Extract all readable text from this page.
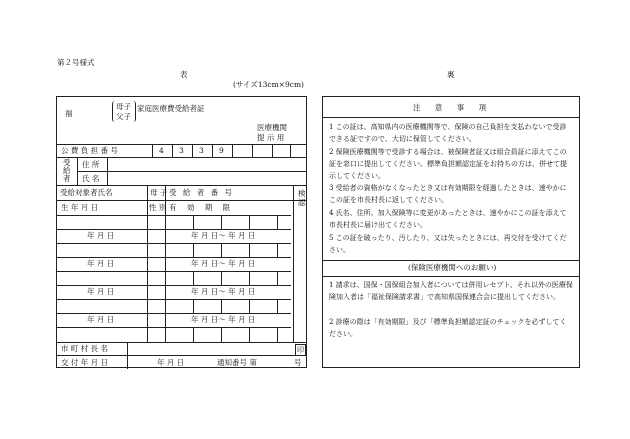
第２号様式
表	裏
(サイズ13cm×9cm)
福
母子
父子
家庭医療費受給者証
医療機関
提 示 用
公 費 負 担 番 号	4 3 3 9
受給者
住 所
氏 名
受給対象者氏名	母 子 受 給 者 番 号	検認
生 年 月 日	性 別 有 効 期 限
年 月 日	年 月 日～ 年 月 日
年 月 日	年 月 日～ 年 月 日
年 月 日	年 月 日～ 年 月 日
年 月 日	年 月 日～ 年 月 日
市 町 村 長 名	印
交 付 年 月 日	年 月 日	通知番号 第	号
注 意 事 項
1 この証は、高知県内の医療機関等で、保険の自己負担を支払わないで受診できる証ですので、大切に保管してください。
2 保険医療機関等で受診する場合は、被保険者証又は組合員証に添えてこの証を窓口に提出してください。標準負担額認定証をお持ちの方は、併せて提示してください。
3 受給者の資格がなくなったとき又は有効期限を経過したときは、速やかにこの証を市長村長に返してください。
4 氏名、住所、加入保険等に変更があったときは、速やかにこの証を添えて市長村長に届け出てください。
5 この証を破ったり、汚したり、又は失ったときには、再交付を受けてください。
(保険医療機関へのお願い)
1 請求は、国保・国保組合加入者については併用レセプト、それ以外の医療保険加入者は「福祉保険請求書」で高知県国保連合会に提出してください。
2 診療の際は「有効期限」及び「標準負担額認定証のチェックを必ずしてください。
